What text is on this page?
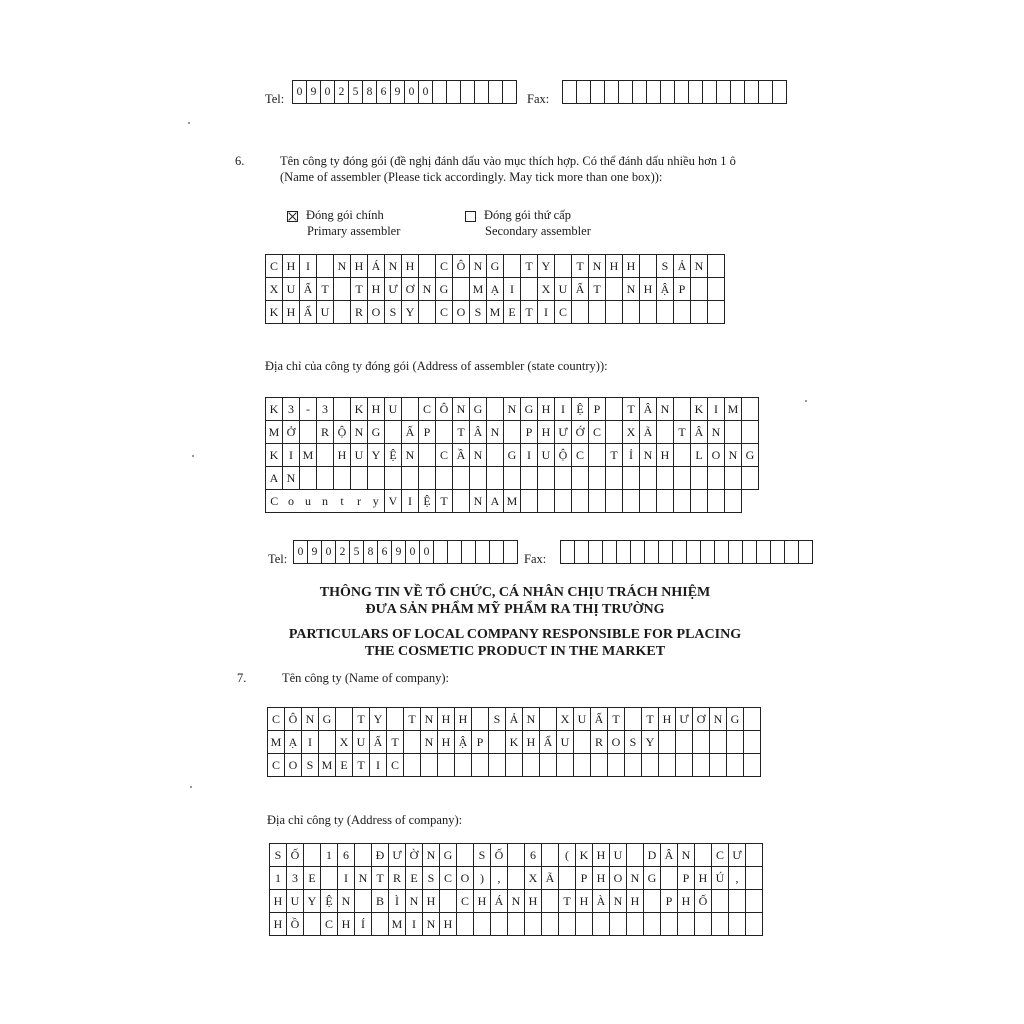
Tel: 0	9	0	2	5	8	6	9	0	0							Fax:

6.	Tên công ty đóng gói (đề nghị đánh dấu vào mục thích hợp. Có thể đánh dấu nhiều hơn 1 ô
(Name of assembler (Please tick accordingly. May tick more than one box)):
Đóng gói chính
Primary assembler
Đóng gói thứ cấp
Secondary assembler
C	H	I		N	H	Á	N	H		C	Ô	N	G		T	Y		T	N	H	H		S	Ả	N	
X	U	Ấ	T		T	H	Ư	Ơ	N	G		M	Ạ	I		X	U	Ấ	T		N	H	Ậ	P		
K	H	Ẩ	U		R	O	S	Y		C	O	S	M	E	T	I	C									
Địa chỉ của công ty đóng gói (Address of assembler (state country)):
K	3	-	3		K	H	U		C	Ô	N	G		N	G	H	I	Ệ	P		T	Â	N		K	I	M	
M	Ở		R	Ộ	N	G		Ấ	P		T	Â	N		P	H	Ư	Ớ	C		X	Ã		T	Â	N		
K	I	M		H	U	Y	Ệ	N		C	Ầ	N		G	I	U	Ộ	C		T	Ỉ	N	H		L	O	N	G
A	N																											
C	o	u	n	t	r	y	V	I	Ệ	T		N	A	M														
Tel: 0	9	0	2	5	8	6	9	0	0							Fax:

THÔNG TIN VỀ TỔ CHỨC, CÁ NHÂN CHỊU TRÁCH NHIỆM
ĐƯA SẢN PHẨM MỸ PHẨM RA THỊ TRƯỜNG
PARTICULARS OF LOCAL COMPANY RESPONSIBLE FOR PLACING
THE COSMETIC PRODUCT IN THE MARKET
7.	Tên công ty (Name of company):
C	Ô	N	G		T	Y		T	N	H	H		S	Ả	N		X	U	Ấ	T		T	H	Ư	Ơ	N	G	
M	Ạ	I		X	U	Ấ	T		N	H	Ậ	P		K	H	Ẩ	U		R	O	S	Y						
C	O	S	M	E	T	I	C																					
Địa chỉ công ty (Address of company):
S	Ố		1	6		Đ	Ư	Ờ	N	G		S	Ố		6		(	K	H	U		D	Â	N		C	Ư	
1	3	E		I	N	T	R	E	S	C	O	)	,		X	Ã		P	H	O	N	G		P	H	Ú	,	
H	U	Y	Ệ	N		B	Ì	N	H		C	H	Á	N	H		T	H	À	N	H		P	H	Ố			
H	Ồ		C	H	Í		M	I	N	H																		
